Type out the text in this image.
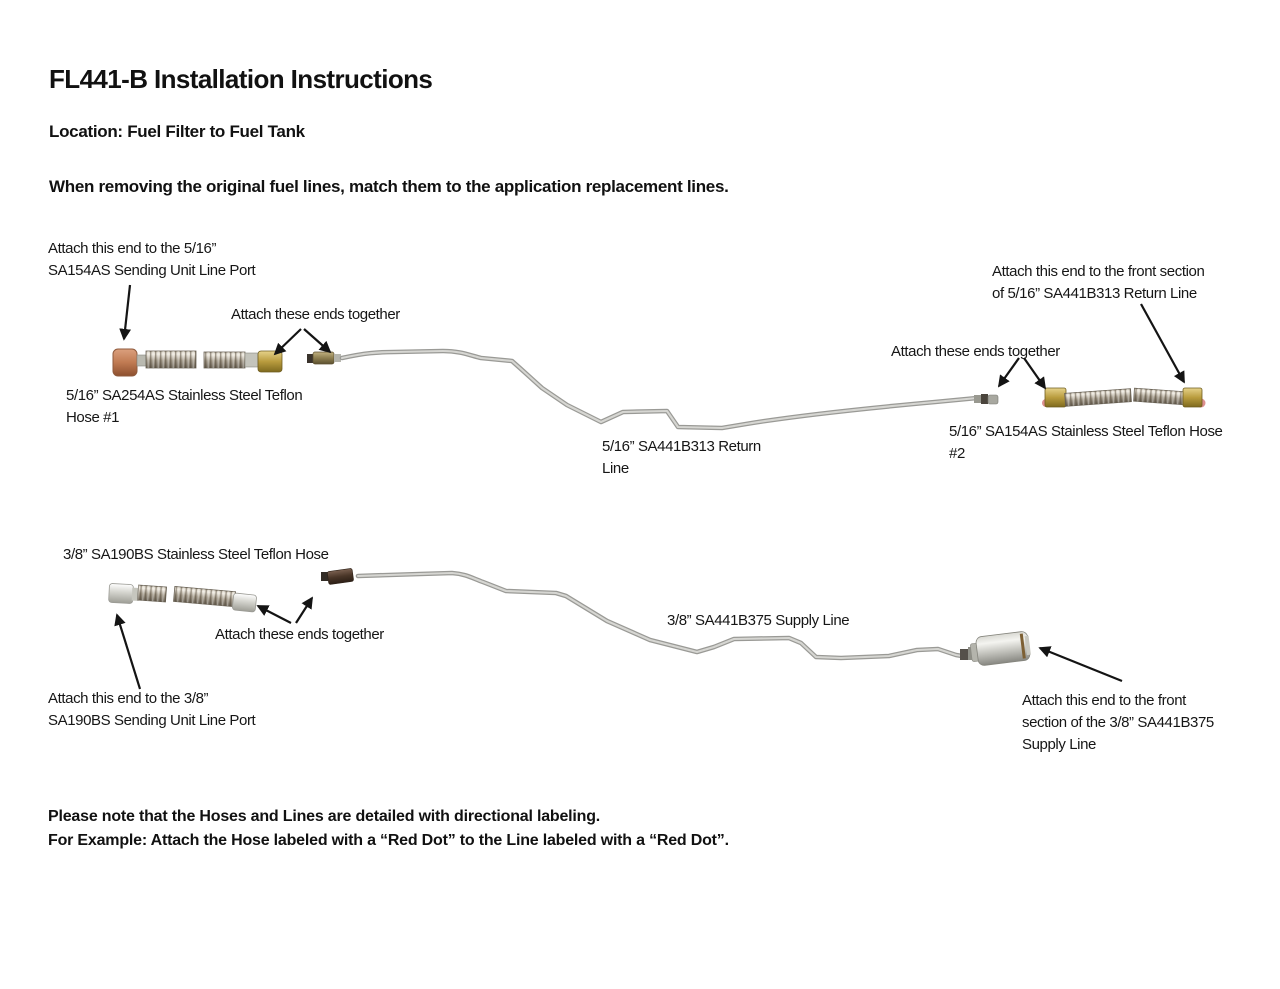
FL441-B Installation Instructions
Location: Fuel Filter to Fuel Tank
When removing the original fuel lines, match them to the application replacement lines.
Attach this end to the 5/16”
SA154AS Sending Unit Line Port
Attach these ends together
5/16” SA254AS Stainless Steel Teflon
Hose #1
5/16” SA441B313 Return
Line
Attach these ends together
Attach this end to the front section
of 5/16” SA441B313 Return Line
5/16” SA154AS Stainless Steel Teflon Hose
#2
3/8” SA190BS Stainless Steel Teflon Hose
Attach these ends together
3/8” SA441B375 Supply Line
Attach this end to the 3/8”
SA190BS Sending Unit Line Port
Attach this end to the front
section of the 3/8” SA441B375
Supply Line
Please note that the Hoses and Lines are detailed with directional labeling.
For Example: Attach the Hose labeled with a “Red Dot” to the Line labeled with a “Red Dot”.
